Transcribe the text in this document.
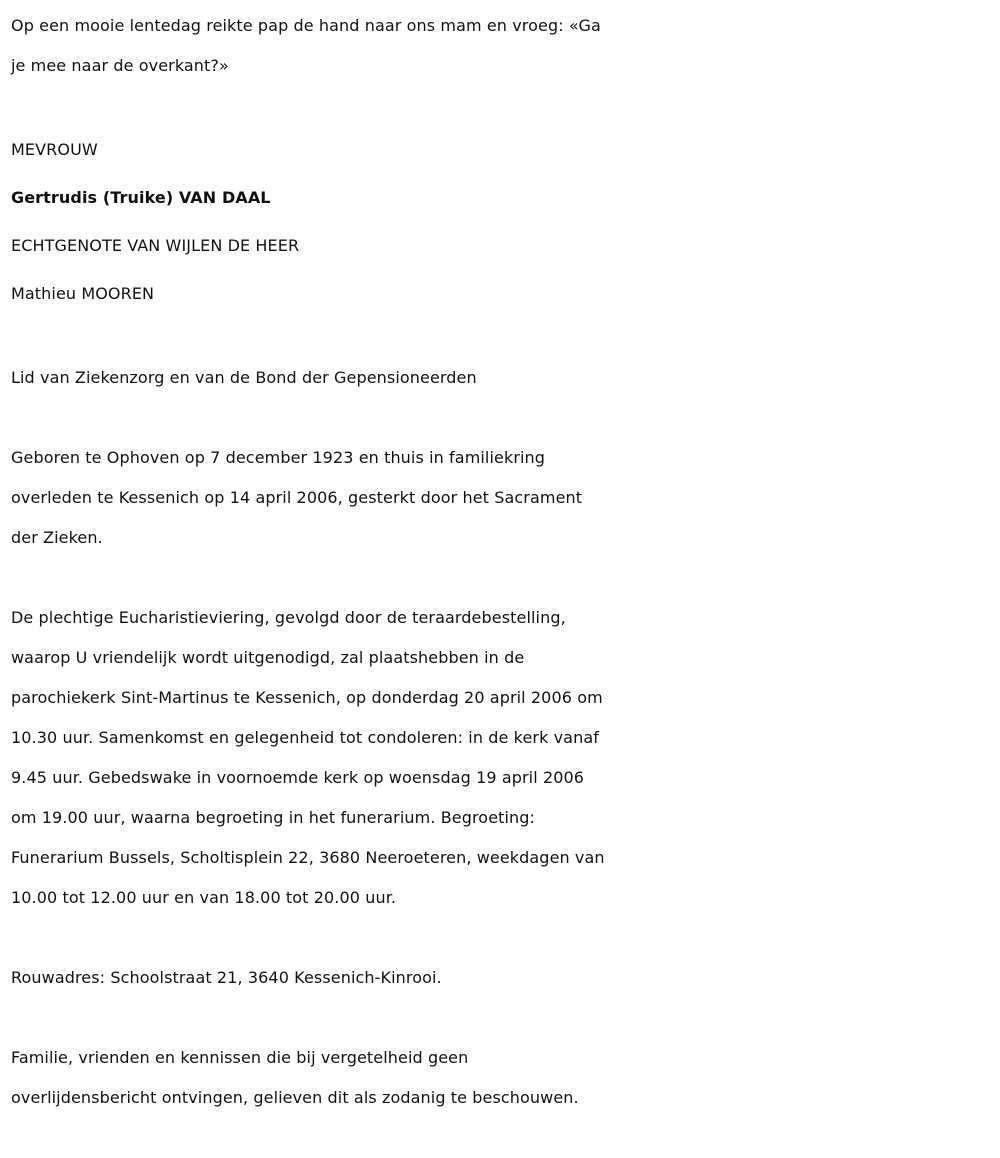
Op een mooie lentedag reikte pap de hand naar ons mam en vroeg: «Ga
je mee naar de overkant?»

MEVROUW
Gertrudis (Truike) VAN DAAL
ECHTGENOTE VAN WIJLEN DE HEER
Mathieu MOOREN

Lid van Ziekenzorg en van de Bond der Gepensioneerden

Geboren te Ophoven op 7 december 1923 en thuis in familiekring
overleden te Kessenich op 14 april 2006, gesterkt door het Sacrament
der Zieken.

De plechtige Eucharistieviering, gevolgd door de teraardebestelling,
waarop U vriendelijk wordt uitgenodigd, zal plaatshebben in de
parochiekerk Sint-Martinus te Kessenich, op donderdag 20 april 2006 om
10.30 uur. Samenkomst en gelegenheid tot condoleren: in de kerk vanaf
9.45 uur. Gebedswake in voornoemde kerk op woensdag 19 april 2006
om 19.00 uur, waarna begroeting in het funerarium. Begroeting:
Funerarium Bussels, Scholtisplein 22, 3680 Neeroeteren, weekdagen van
10.00 tot 12.00 uur en van 18.00 tot 20.00 uur.

Rouwadres: Schoolstraat 21, 3640 Kessenich-Kinrooi.

Familie, vrienden en kennissen die bij vergetelheid geen
overlijdensbericht ontvingen, gelieven dit als zodanig te beschouwen.
